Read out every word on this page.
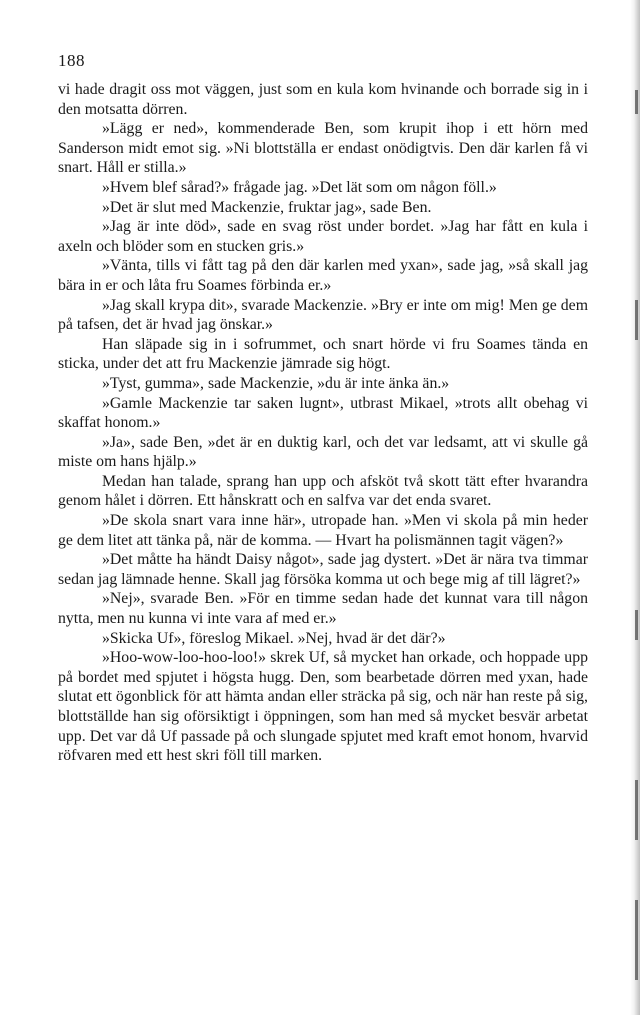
188

vi hade dragit oss mot väggen, just som en kula kom hvinande och borrade sig in i den motsatta dörren.

»Lägg er ned», kommenderade Ben, som krupit ihop i ett hörn med Sanderson midt emot sig. »Ni blottställa er endast onödigtvis. Den där karlen få vi snart. Håll er stilla.»

»Hvem blef sårad?» frågade jag. »Det lät som om någon föll.»

»Det är slut med Mackenzie, fruktar jag», sade Ben.

»Jag är inte död», sade en svag röst under bordet. »Jag har fått en kula i axeln och blöder som en stucken gris.»

»Vänta, tills vi fått tag på den där karlen med yxan», sade jag, »så skall jag bära in er och låta fru Soames förbinda er.»

»Jag skall krypa dit», svarade Mackenzie. »Bry er inte om mig! Men ge dem på tafsen, det är hvad jag önskar.»

Han släpade sig in i sofrummet, och snart hörde vi fru Soames tända en sticka, under det att fru Mackenzie jämrade sig högt.

»Tyst, gumma», sade Mackenzie, »du är inte änka än.»

»Gamle Mackenzie tar saken lugnt», utbrast Mikael, »trots allt obehag vi skaffat honom.»

»Ja», sade Ben, »det är en duktig karl, och det var ledsamt, att vi skulle gå miste om hans hjälp.»

Medan han talade, sprang han upp och afsköt två skott tätt efter hvarandra genom hålet i dörren. Ett hånskratt och en salfva var det enda svaret.

»De skola snart vara inne här», utropade han. »Men vi skola på min heder ge dem litet att tänka på, när de komma. — Hvart ha polismännen tagit vägen?»

»Det måtte ha händt Daisy något», sade jag dystert. »Det är nära tva timmar sedan jag lämnade henne. Skall jag försöka komma ut och bege mig af till lägret?»

»Nej», svarade Ben. »För en timme sedan hade det kunnat vara till någon nytta, men nu kunna vi inte vara af med er.»

»Skicka Uf», föreslog Mikael. »Nej, hvad är det där?»

»Hoo-wow-loo-hoo-loo!» skrek Uf, så mycket han orkade, och hoppade upp på bordet med spjutet i högsta hugg. Den, som bearbetade dörren med yxan, hade slutat ett ögonblick för att hämta andan eller sträcka på sig, och när han reste på sig, blottställde han sig oförsiktigt i öppningen, som han med så mycket besvär arbetat upp. Det var då Uf passade på och slungade spjutet med kraft emot honom, hvarvid röfvaren med ett hest skri föll till marken.
